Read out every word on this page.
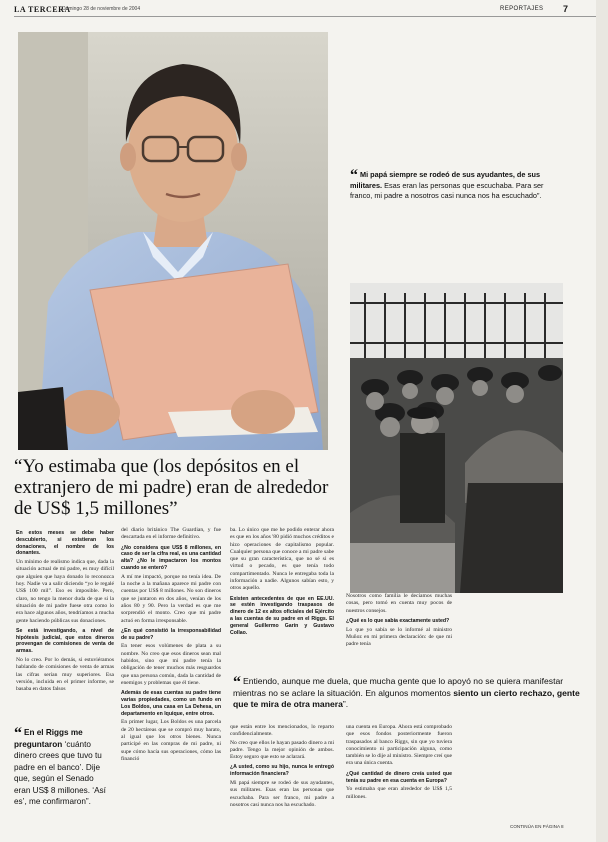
LA TERCERA
Domingo 28 de noviembre de 2004	REPORTAJES 7
“ Mi papá siempre se rodeó de sus ayudantes, de sus militares. Esas eran las personas que escuchaba. Para ser franco, mi padre a nosotros casi nunca nos ha escuchado”.
“Yo estimaba que (los depósitos en el extranjero de mi padre) eran de alrededor de US$ 1,5 millones”

En estos meses se debe haber descubierto, si existieran los donaciones, el nombre de los donantes.

Un mínimo de realismo indica que, dada la situación actual de mi padre, es muy difícil que alguien que haya donado lo reconozca hoy. Nadie va a salir diciendo “yo le regalé US$ 100 mil”. Eso es imposible. Pero, claro, no tengo la menor duda de que si la situación de mi padre fuese otra como lo era hace algunos años, tendríamos a mucha gente haciendo públicas sus donaciones.

Se está investigando, a nivel de hipótesis judicial, que estos dineros provengan de comisiones de venta de armas.

No lo creo. Por lo demás, si estuviéramos hablando de comisiones de venta de armas las cifras serían muy superiores. Esa versión, incluida en el primer informe, se basaba en datos falsos

“ En el Riggs me preguntaron ‘cuánto dinero crees que tuvo tu padre en el banco’. Dije que, según el Senado eran US$ 8 millones. ‘Así es’, me confirmaron”.

del diario británico The Guardian, y fue descartada en el informe definitivo.

¿No considera que US$ 8 millones, en caso de ser la cifra real, es una cantidad alta? ¿No le impactaron los montos cuando se enteró?

A mí me impactó, porque no tenía idea. De la noche a la mañana aparece mi padre con cuentas por US$ 8 millones. No son dineros que se juntaron en dos años, venían de los años 80 y 90. Pero la verdad es que me sorprendió el monto. Creo que mi padre actuó en forma irresponsable.

¿En qué consistió la irresponsabilidad de su padre?

En tener esos volúmenes de plata a su nombre. No creo que esos dineros sean mal habidos, sino que mi padre tenía la obligación de tener muchos más resguardos que una persona común, dada la cantidad de enemigos y problemas que él tiene.

Además de esas cuentas su padre tiene varias propiedades, como un fundo en Los Boldos, una casa en La Dehesa, un departamento en Iquique, entre otros.

En primer lugar, Los Boldos es una parcela de 20 hectáreas que se compró muy barato, al igual que los otros bienes. Nunca participé en las compras de mi padre, ni supe cómo hacía sus operaciones, cómo las financió

ba. Lo único que me he podido enterar ahora es que en los años '80 pidió muchos créditos e hizo operaciones de capitalismo popular. Cualquier persona que conoce a mi padre sabe que su gran característica, que no sé si es virtud o pecado, es que tenía todo compartimentado. Nunca le entregaba toda la información a nadie. Algunos sabían esto, y otros aquello.

Existen antecedentes de que en EE.UU. se estén investigando traspasos de dinero de 12 ex altos oficiales del Ejército a las cuentas de su padre en el Riggs. El general Guillermo Garín y Gustavo Collao.

Nosotros como familia le decíamos muchas cosas, pero tomó en cuenta muy pocos de nuestros consejos.

¿Qué es lo que sabía exactamente usted?

Lo que yo sabía se lo informé al ministro Muñoz en mi primera declaración: de que mi padre tenía

“ Entiendo, aunque me duela, que mucha gente que lo apoyó no se quiera manifestar mientras no se aclare la situación. En algunos momentos siento un cierto rechazo, gente que te mira de otra manera”.

que están entre los mencionados, lo reparto confidencialmente.

No creo que ellos le hayan pasado dinero a mi padre. Tengo la mejor opinión de ambos. Estoy seguro que esto se aclarará.

¿A usted, como su hijo, nunca le entregó información financiera?

Mi papá siempre se rodeó de sus ayudantes, sus militares. Esas eran las personas que escuchaba. Para ser franco, mi padre a nosotros casi nunca nos ha escuchado.

una cuenta en Europa. Ahora está comprobado que esos fondos posteriormente fueron traspasados al banco Riggs, sin que yo tuviera conocimiento ni participación alguna, como también se lo dije al ministro. Siempre creí que era una única cuenta.

¿Qué cantidad de dinero creía usted que tenía su padre en esa cuenta en Europa?

Yo estimaba que eran alrededor de US$ 1,5 millones.

CONTINÚA EN PÁGINA 8
